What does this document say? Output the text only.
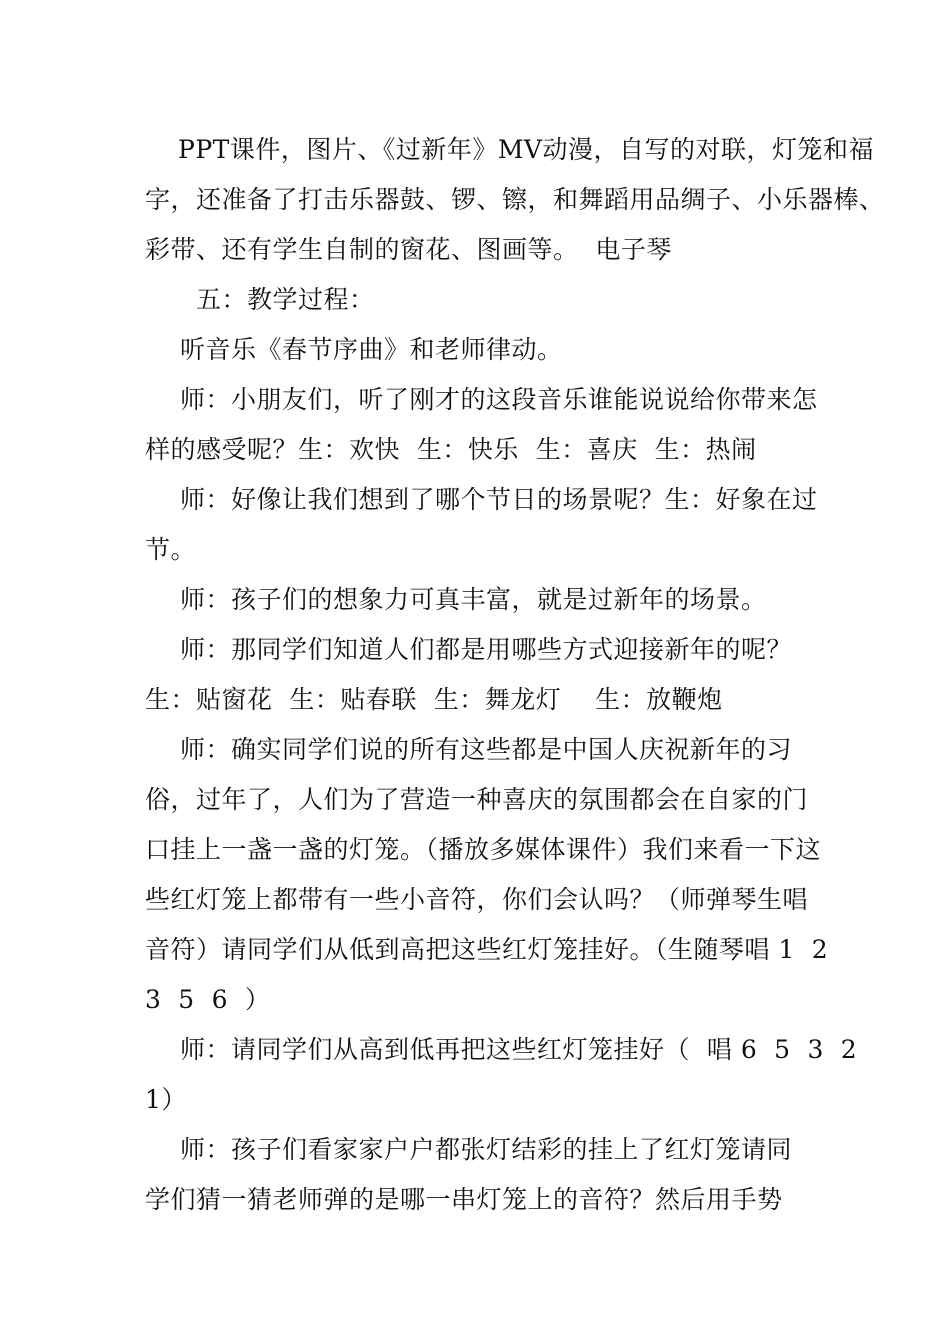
PPT课件，图片、《过新年》MV动漫，自写的对联，灯笼和福
字，还准备了打击乐器鼓、锣、镲，和舞蹈用品绸子、小乐器棒、
彩带、还有学生自制的窗花、图画等。  电子琴
五：教学过程：
听音乐《春节序曲》和老师律动。
师：小朋友们，听了刚才的这段音乐谁能说说给你带来怎
样的感受呢？生：欢快  生：快乐  生：喜庆  生：热闹
师：好像让我们想到了哪个节日的场景呢？生：好象在过
节。
师：孩子们的想象力可真丰富，就是过新年的场景。
师：那同学们知道人们都是用哪些方式迎接新年的呢？
生：贴窗花  生：贴春联  生：舞龙灯    生：放鞭炮
师：确实同学们说的所有这些都是中国人庆祝新年的习
俗，过年了，人们为了营造一种喜庆的氛围都会在自家的门
口挂上一盏一盏的灯笼。（播放多媒体课件）我们来看一下这
些红灯笼上都带有一些小音符，你们会认吗？（师弹琴生唱
音符）请同学们从低到高把这些红灯笼挂好。（生随琴唱 1  2
3  5  6  ）
师：请同学们从高到低再把这些红灯笼挂好（  唱 6  5  3  2
1）
师：孩子们看家家户户都张灯结彩的挂上了红灯笼请同
学们猜一猜老师弹的是哪一串灯笼上的音符？然后用手势
